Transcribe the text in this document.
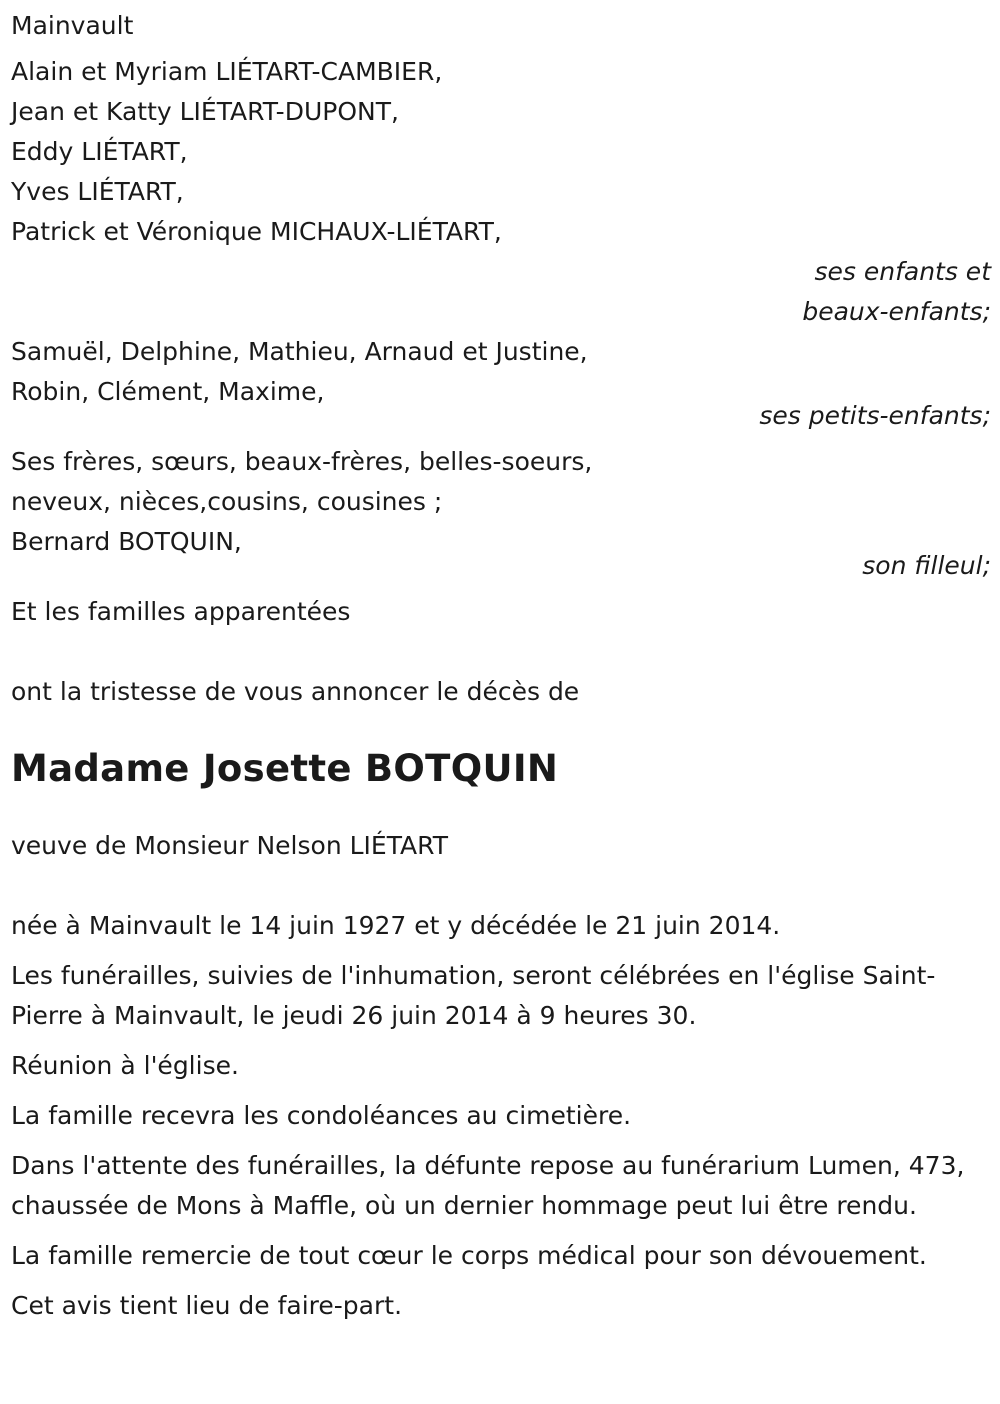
Mainvault
Alain et Myriam LIÉTART-CAMBIER,
Jean et Katty LIÉTART-DUPONT,
Eddy LIÉTART,
Yves LIÉTART,
Patrick et Véronique MICHAUX-LIÉTART,
ses enfants et
beaux-enfants;
Samuël, Delphine, Mathieu, Arnaud et Justine,
Robin, Clément, Maxime,
ses petits-enfants;
Ses frères, sœurs, beaux-frères, belles-soeurs,
neveux, nièces,cousins, cousines ;
Bernard BOTQUIN,
son filleul;
Et les familles apparentées
ont la tristesse de vous annoncer le décès de
Madame Josette BOTQUIN
veuve de Monsieur Nelson LIÉTART
née à Mainvault le 14 juin 1927 et y décédée le 21 juin 2014.
Les funérailles, suivies de l'inhumation, seront célébrées en l'église Saint-Pierre à Mainvault, le jeudi 26 juin 2014 à 9 heures 30.
Réunion à l'église.
La famille recevra les condoléances au cimetière.
Dans l'attente des funérailles, la défunte repose au funérarium Lumen, 473, chaussée de Mons à Maffle, où un dernier hommage peut lui être rendu.
La famille remercie de tout cœur le corps médical pour son dévouement.
Cet avis tient lieu de faire-part.
